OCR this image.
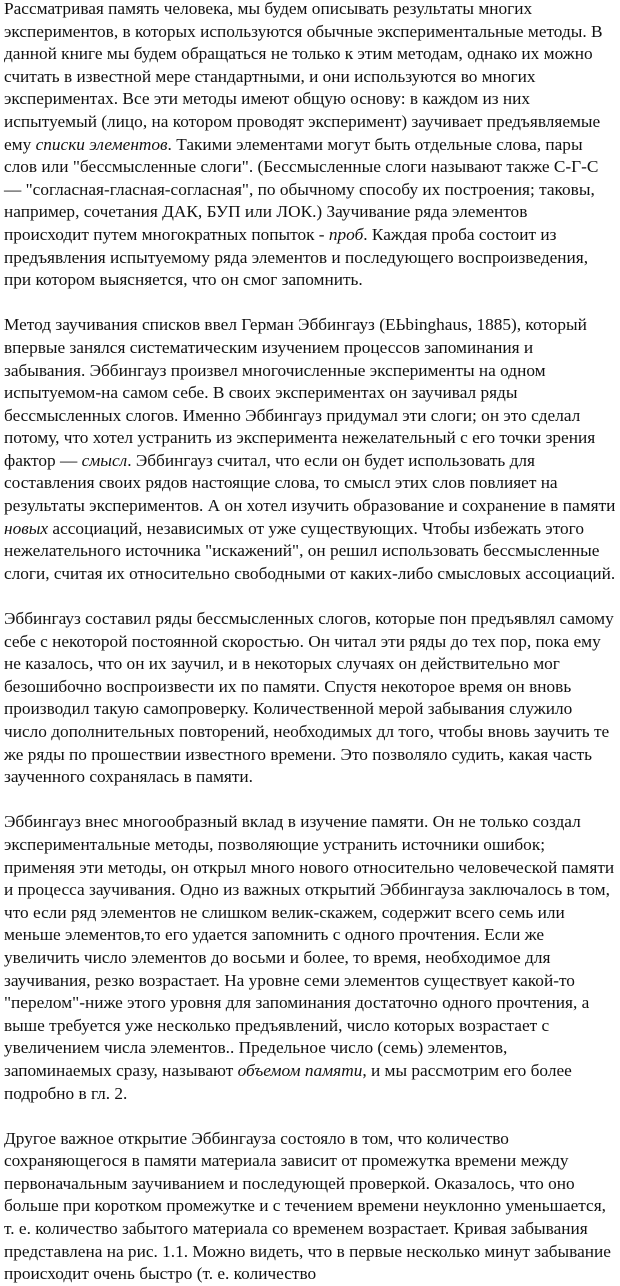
Рассматривая память человека, мы будем описывать результаты многих экспериментов, в которых используются обычные экспериментальные методы. В данной книге мы будем обращаться не только к этим методам, однако их можно считать в известной мере стандартными, и они используются во многих экспериментах. Все эти методы имеют общую основу: в каждом из них испытуемый (лицо, на котором проводят эксперимент) заучивает предъявляемые ему списки элементов. Такими элементами могут быть отдельные слова, пары слов или "бессмысленные слоги". (Бессмысленные слоги называют также С-Г-С — "согласная-гласная-согласная", по обычному способу их построения; таковы, например, сочетания ДАК, БУП или ЛОК.) Заучивание ряда элементов происходит путем многократных попыток - проб. Каждая проба состоит из предъявления испытуемому ряда элементов и последующего воспроизведения, при котором выясняется, что он смог запомнить.

Метод заучивания списков ввел Герман Эббингауз (EЬbinghaus, 1885), который впервые занялся систематическим изучением процессов запоминания и забывания. Эббингауз произвел многочисленные эксперименты на одном испытуемом-на самом себе. В своих экспериментах он заучивал ряды бессмысленных слогов. Именно Эббингауз придумал эти слоги; он это сделал потому, что хотел устранить из эксперимента нежелательный с его точки зрения фактор — смысл. Эббингауз считал, что если он будет использовать для составления своих рядов настоящие слова, то смысл этих слов повлияет на результаты экспериментов. А он хотел изучить образование и сохранение в памяти новых ассоциаций, независимых от уже существующих. Чтобы избежать этого нежелательного источника "искажений", он решил использовать бессмысленные слоги, считая их относительно свободными от каких-либо смысловых ассоциаций.

Эббингауз составил ряды бессмысленных слогов, которые пон предъявлял самому себе с некоторой постоянной скоростью. Он читал эти ряды до тех пор, пока ему не казалось, что он их заучил, и в некоторых случаях он действительно мог безошибочно воспроизвести их по памяти. Спустя некоторое время он вновь производил такую самопроверку. Количественной мерой забывания служило число дополнительных повторений, необходимых дл того, чтобы вновь заучить те же ряды по прошествии известного времени. Это позволяло судить, какая часть заученного сохранялась в памяти.

Эббингауз внес многообразный вклад в изучение памяти. Он не только создал экспериментальные методы, позволяющие устранить источники ошибок; применяя эти методы, он открыл много нового относительно человеческой памяти и процесса заучивания. Одно из важных открытий Эббингауза заключалось в том, что если ряд элементов не слишком велик-скажем, содержит всего семь или меньше элементов,то его удается запомнить с одного прочтения. Если же увеличить число элементов до восьми и более, то время, необходимое для заучивания, резко возрастает. На уровне семи элементов существует какой-то "перелом"-ниже этого уровня для запоминания достаточно одного прочтения, а выше требуется уже несколько предъявлений, число которых возрастает с увеличением числа элементов.. Предельное число (семь) элементов, запоминаемых сразу, называют объемом памяти, и мы рассмотрим его более подробно в гл. 2.

Другое важное открытие Эббингауза состояло в том, что количество сохраняющегося в памяти материала зависит от промежутка времени между первоначальным заучиванием и последующей проверкой. Оказалось, что оно больше при коротком промежутке и с течением времени неуклонно уменьшается, т. е. количество забытого материала со временем возрастает. Кривая забывания представлена на рис. 1.1. Можно видеть, что в первые несколько минут забывание происходит очень быстро (т. е. количество
